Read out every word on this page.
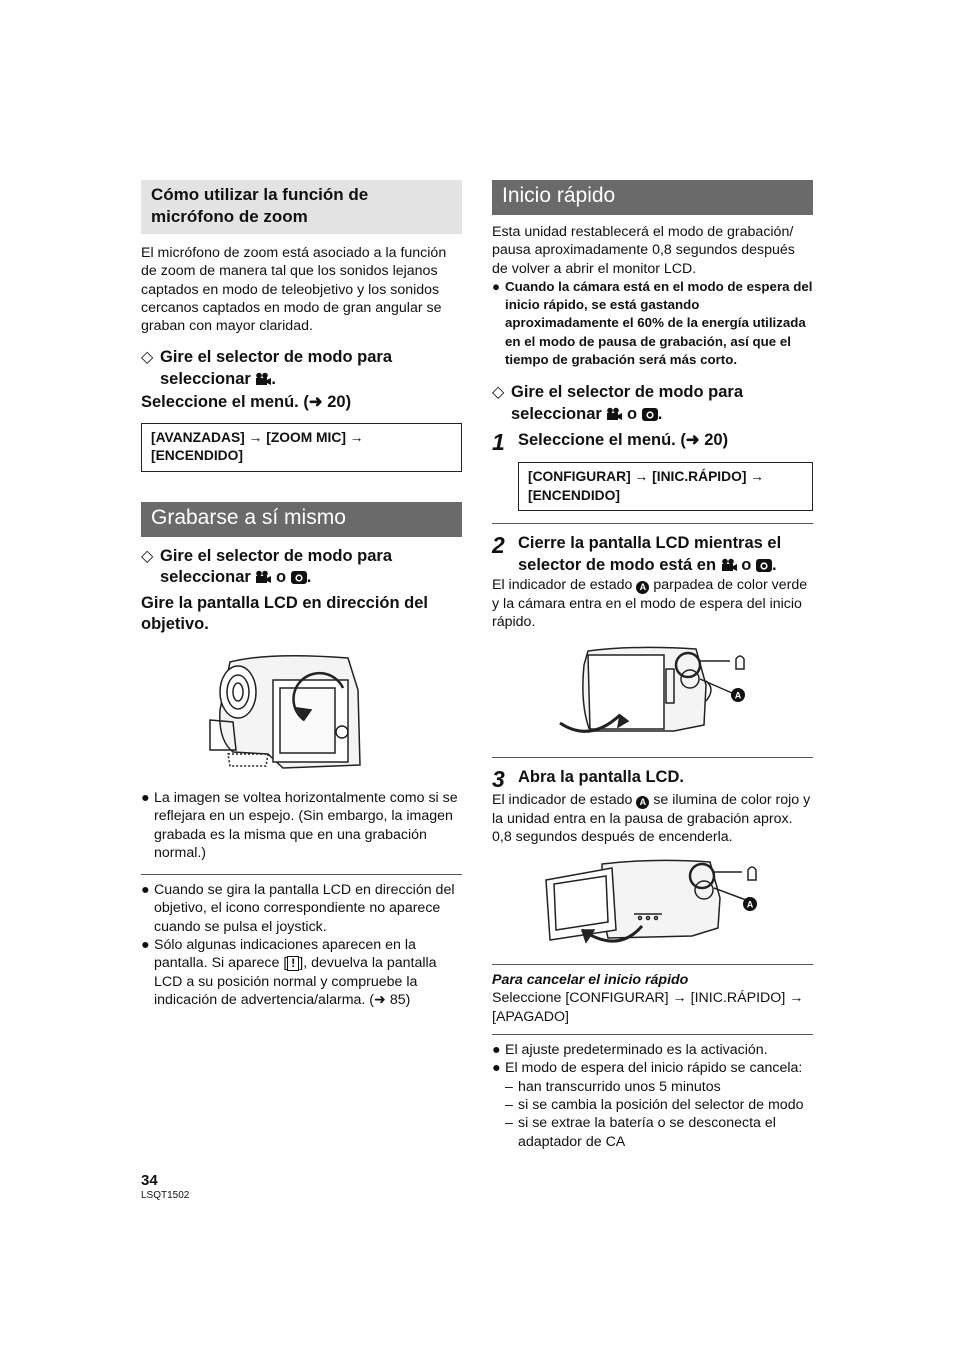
Cómo utilizar la función de micrófono de zoom

El micrófono de zoom está asociado a la función de zoom de manera tal que los sonidos lejanos captados en modo de teleobjetivo y los sonidos cercanos captados en modo de gran angular se graban con mayor claridad.

◇ Gire el selector de modo para seleccionar .
Seleccione el menú. (➜ 20)
[AVANZADAS] → [ZOOM MIC] → [ENCENDIDO]
Grabarse a sí mismo
◇ Gire el selector de modo para seleccionar o .
Gire la pantalla LCD en dirección del objetivo.
● La imagen se voltea horizontalmente como si se reflejara en un espejo. (Sin embargo, la imagen grabada es la misma que en una grabación normal.)
● Cuando se gira la pantalla LCD en dirección del objetivo, el icono correspondiente no aparece cuando se pulsa el joystick.
● Sólo algunas indicaciones aparecen en la pantalla. Si aparece [ ! ], devuelva la pantalla LCD a su posición normal y compruebe la indicación de advertencia/alarma. (➜ 85)
Inicio rápido

Esta unidad restablecerá el modo de grabación/ pausa aproximadamente 0,8 segundos después de volver a abrir el monitor LCD.

● Cuando la cámara está en el modo de espera del inicio rápido, se está gastando aproximadamente el 60% de la energía utilizada en el modo de pausa de grabación, así que el tiempo de grabación será más corto.
◇ Gire el selector de modo para seleccionar o .
1 Seleccione el menú. (➜ 20)
[CONFIGURAR] → [INIC.RÁPIDO] → [ENCENDIDO]
2 Cierre la pantalla LCD mientras el selector de modo está en o .

El indicador de estado A parpadea de color verde y la cámara entra en el modo de espera del inicio rápido.

A
3 Abra la pantalla LCD.

El indicador de estado A se ilumina de color rojo y la unidad entra en la pausa de grabación aprox. 0,8 segundos después de encenderla.

A

Para cancelar el inicio rápido

Seleccione [CONFIGURAR] → [INIC.RÁPIDO] → [APAGADO]

● El ajuste predeterminado es la activación.
● El modo de espera del inicio rápido se cancela:
– han transcurrido unos 5 minutos
– si se cambia la posición del selector de modo
– si se extrae la batería o se desconecta el adaptador de CA
34
LSQT1502
